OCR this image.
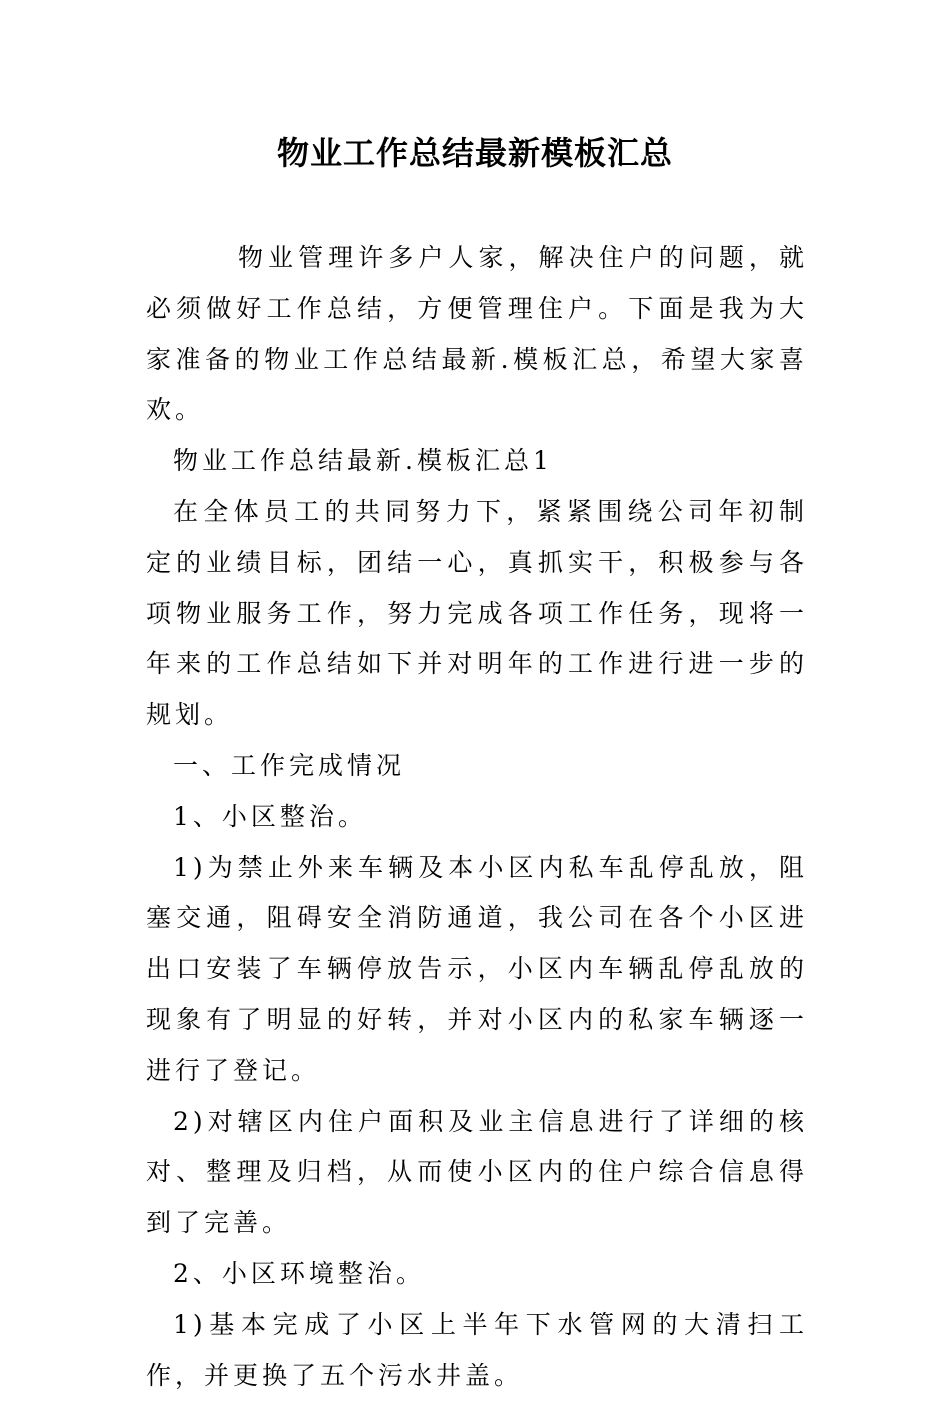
物业工作总结最新模板汇总

物业管理许多户人家，解决住户的问题，就必须做好工作总结，方便管理住户。下面是我为大家准备的物业工作总结最新.模板汇总，希望大家喜欢。

物业工作总结最新.模板汇总1

在全体员工的共同努力下，紧紧围绕公司年初制定的业绩目标，团结一心，真抓实干，积极参与各项物业服务工作，努力完成各项工作任务，现将一年来的工作总结如下并对明年的工作进行进一步的规划。

一、工作完成情况

1、小区整治。

1)为禁止外来车辆及本小区内私车乱停乱放，阻塞交通，阻碍安全消防通道，我公司在各个小区进出口安装了车辆停放告示，小区内车辆乱停乱放的现象有了明显的好转，并对小区内的私家车辆逐一进行了登记。

2)对辖区内住户面积及业主信息进行了详细的核对、整理及归档，从而使小区内的住户综合信息得到了完善。

2、小区环境整治。

1)基本完成了小区上半年下水管网的大清扫工作，并更换了五个污水井盖。
